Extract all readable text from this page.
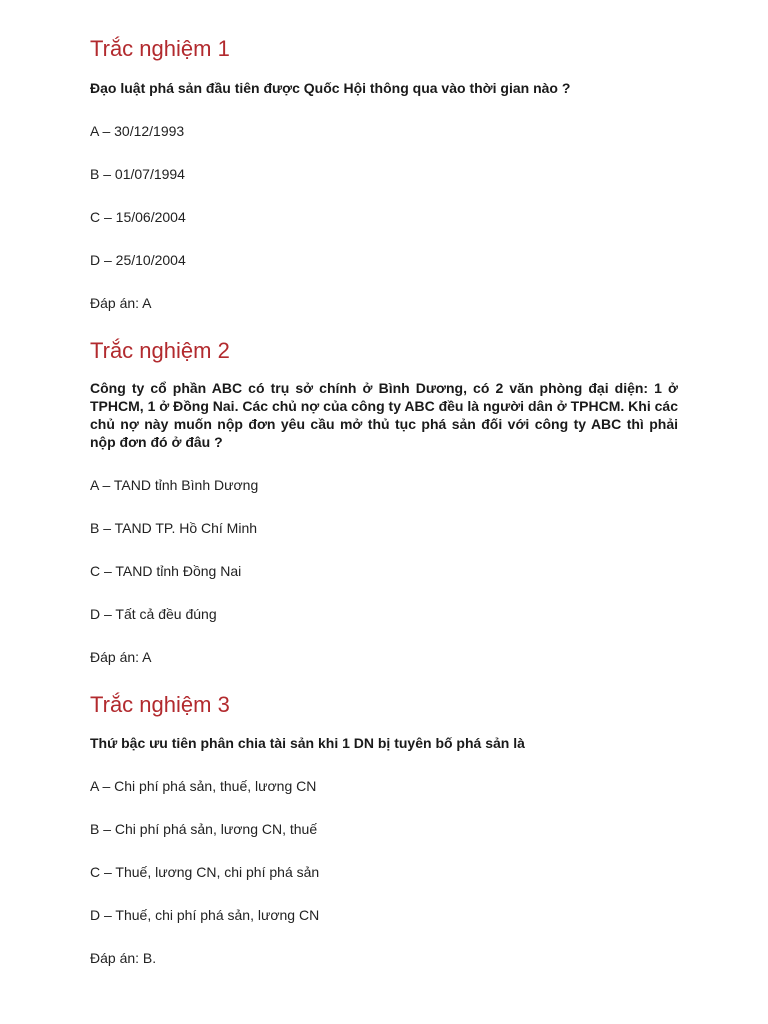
Trắc nghiệm 1

Đạo luật phá sản đầu tiên được Quốc Hội thông qua vào thời gian nào ?

A – 30/12/1993

B – 01/07/1994

C – 15/06/2004

D – 25/10/2004

Đáp án: A

Trắc nghiệm 2

Công ty cổ phần ABC có trụ sở chính ở Bình Dương, có 2 văn phòng đại diện: 1 ở TPHCM, 1 ở Đồng Nai. Các chủ nợ của công ty ABC đều là người dân ở TPHCM. Khi các chủ nợ này muốn nộp đơn yêu cầu mở thủ tục phá sản đối với công ty ABC thì phải nộp đơn đó ở đâu ?

A – TAND tỉnh Bình Dương

B – TAND TP. Hồ Chí Minh

C – TAND tỉnh Đồng Nai

D – Tất cả đều đúng

Đáp án: A

Trắc nghiệm 3

Thứ bậc ưu tiên phân chia tài sản khi 1 DN bị tuyên bố phá sản là

A – Chi phí phá sản, thuế, lương CN

B – Chi phí phá sản, lương CN, thuế

C – Thuế, lương CN, chi phí phá sản

D – Thuế, chi phí phá sản, lương CN

Đáp án: B.
